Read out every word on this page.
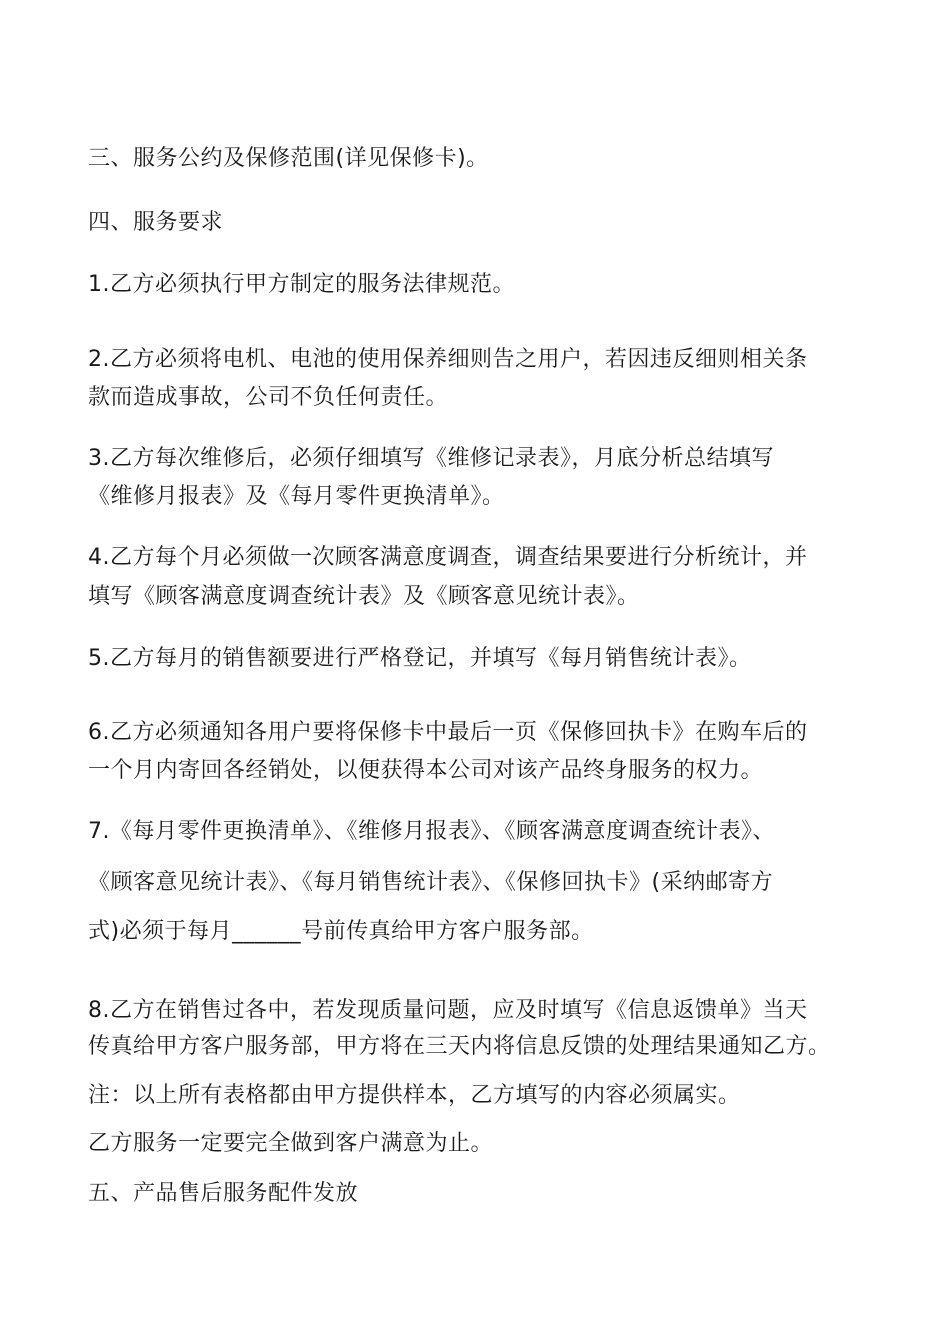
三、服务公约及保修范围(详见保修卡)。
四、服务要求
1.乙方必须执行甲方制定的服务法律规范。
2.乙方必须将电机、电池的使用保养细则告之用户，若因违反细则相关条
款而造成事故，公司不负任何责任。
3.乙方每次维修后，必须仔细填写《维修记录表》，月底分析总结填写
《维修月报表》及《每月零件更换清单》。
4.乙方每个月必须做一次顾客满意度调查，调查结果要进行分析统计，并
填写《顾客满意度调查统计表》及《顾客意见统计表》。
5.乙方每月的销售额要进行严格登记，并填写《每月销售统计表》。
6.乙方必须通知各用户要将保修卡中最后一页《保修回执卡》在购车后的
一个月内寄回各经销处，以便获得本公司对该产品终身服务的权力。
7.《每月零件更换清单》、《维修月报表》、《顾客满意度调查统计表》、
《顾客意见统计表》、《每月销售统计表》、《保修回执卡》(采纳邮寄方
式)必须于每月______号前传真给甲方客户服务部。
8.乙方在销售过各中，若发现质量问题，应及时填写《信息返馈单》当天
传真给甲方客户服务部，甲方将在三天内将信息反馈的处理结果通知乙方。
注：以上所有表格都由甲方提供样本，乙方填写的内容必须属实。
乙方服务一定要完全做到客户满意为止。
五、产品售后服务配件发放
